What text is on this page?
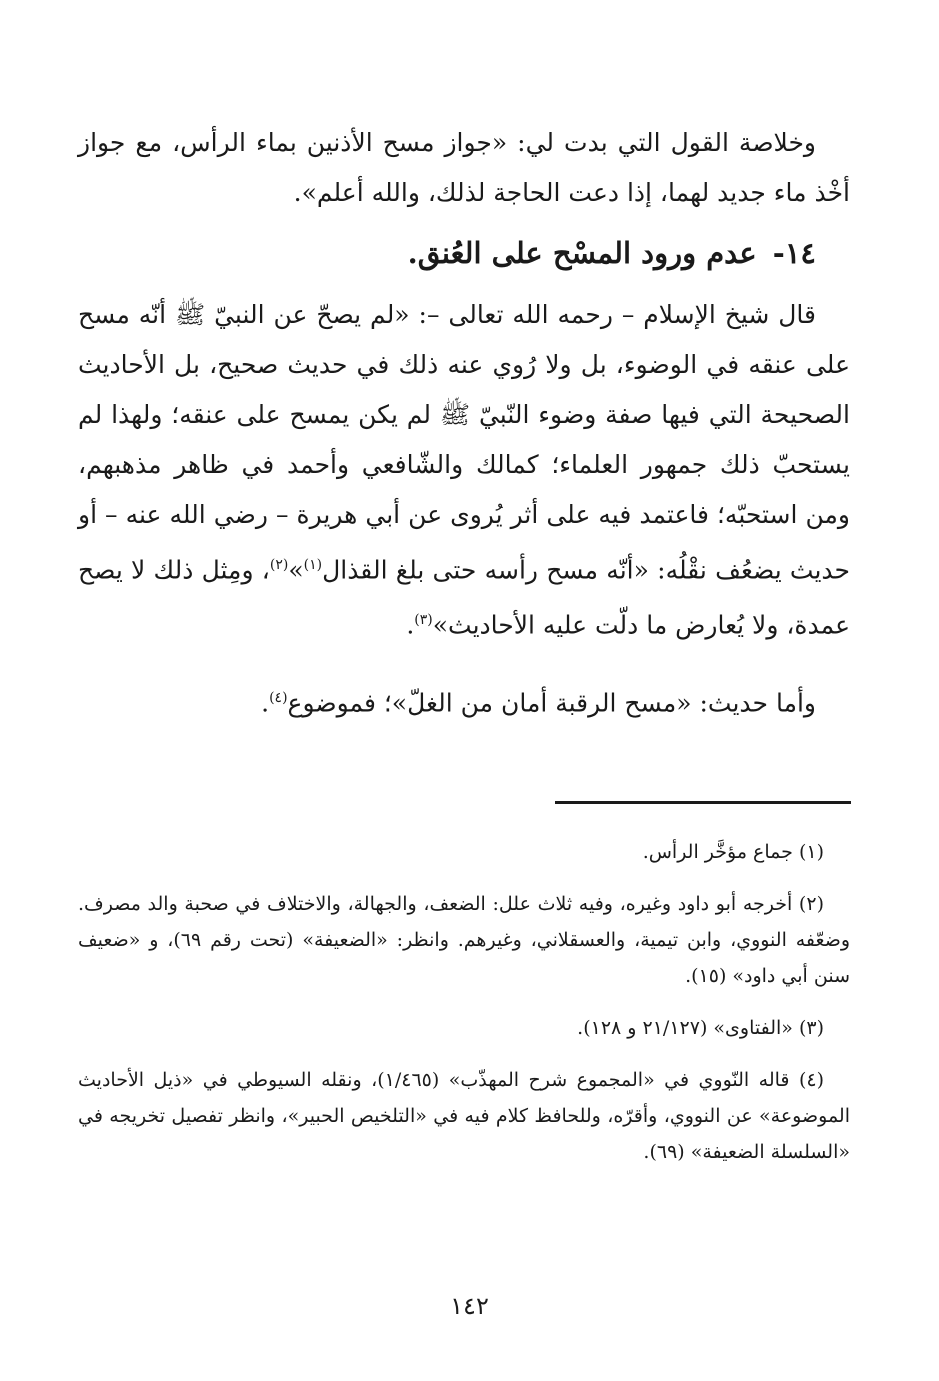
وخلاصة القول التي بدت لي: «جواز مسح الأذنين بماء الرأس، مع جواز أخْذ ماء جديد لهما، إذا دعت الحاجة لذلك، والله أعلم».

١٤- عدم ورود المسْح على العُنق.

قال شيخ الإسلام – رحمه الله تعالى –: «لم يصحّ عن النبيّ ﷺ أنّه مسح على عنقه في الوضوء، بل ولا رُوي عنه ذلك في حديث صحيح، بل الأحاديث الصحيحة التي فيها صفة وضوء النّبيّ ﷺ لم يكن يمسح على عنقه؛ ولهذا لم يستحبّ ذلك جمهور العلماء؛ كمالك والشّافعي وأحمد في ظاهر مذهبهم، ومن استحبّه؛ فاعتمد فيه على أثر يُروى عن أبي هريرة – رضي الله عنه – أو حديث يضعُف نقْلُه: «أنّه مسح رأسه حتى بلغ القذال$^{(١)}$»$^{(٢)}$، ومِثل ذلك لا يصح عمدة، ولا يُعارض ما دلّت عليه الأحاديث»$^{(٣)}$.

وأما حديث: «مسح الرقبة أمان من الغلّ»؛ فموضوع$^{(٤)}$.

(١) جماع مؤخَّر الرأس.

(٢) أخرجه أبو داود وغيره، وفيه ثلاث علل: الضعف، والجهالة، والاختلاف في صحبة والد مصرف. وضعّفه النووي، وابن تيمية، والعسقلاني، وغيرهم. وانظر: «الضعيفة» (تحت رقم ٦٩)، و «ضعيف سنن أبي داود» (١٥).

(٣) «الفتاوى» (٢١/١٢٧ و ١٢٨).

(٤) قاله النّووي في «المجموع شرح المهذّب» (١/٤٦٥)، ونقله السيوطي في «ذيل الأحاديث الموضوعة» عن النووي، وأقرّه، وللحافظ كلام فيه في «التلخيص الحبير»، وانظر تفصيل تخريجه في «السلسلة الضعيفة» (٦٩).

١٤٢
